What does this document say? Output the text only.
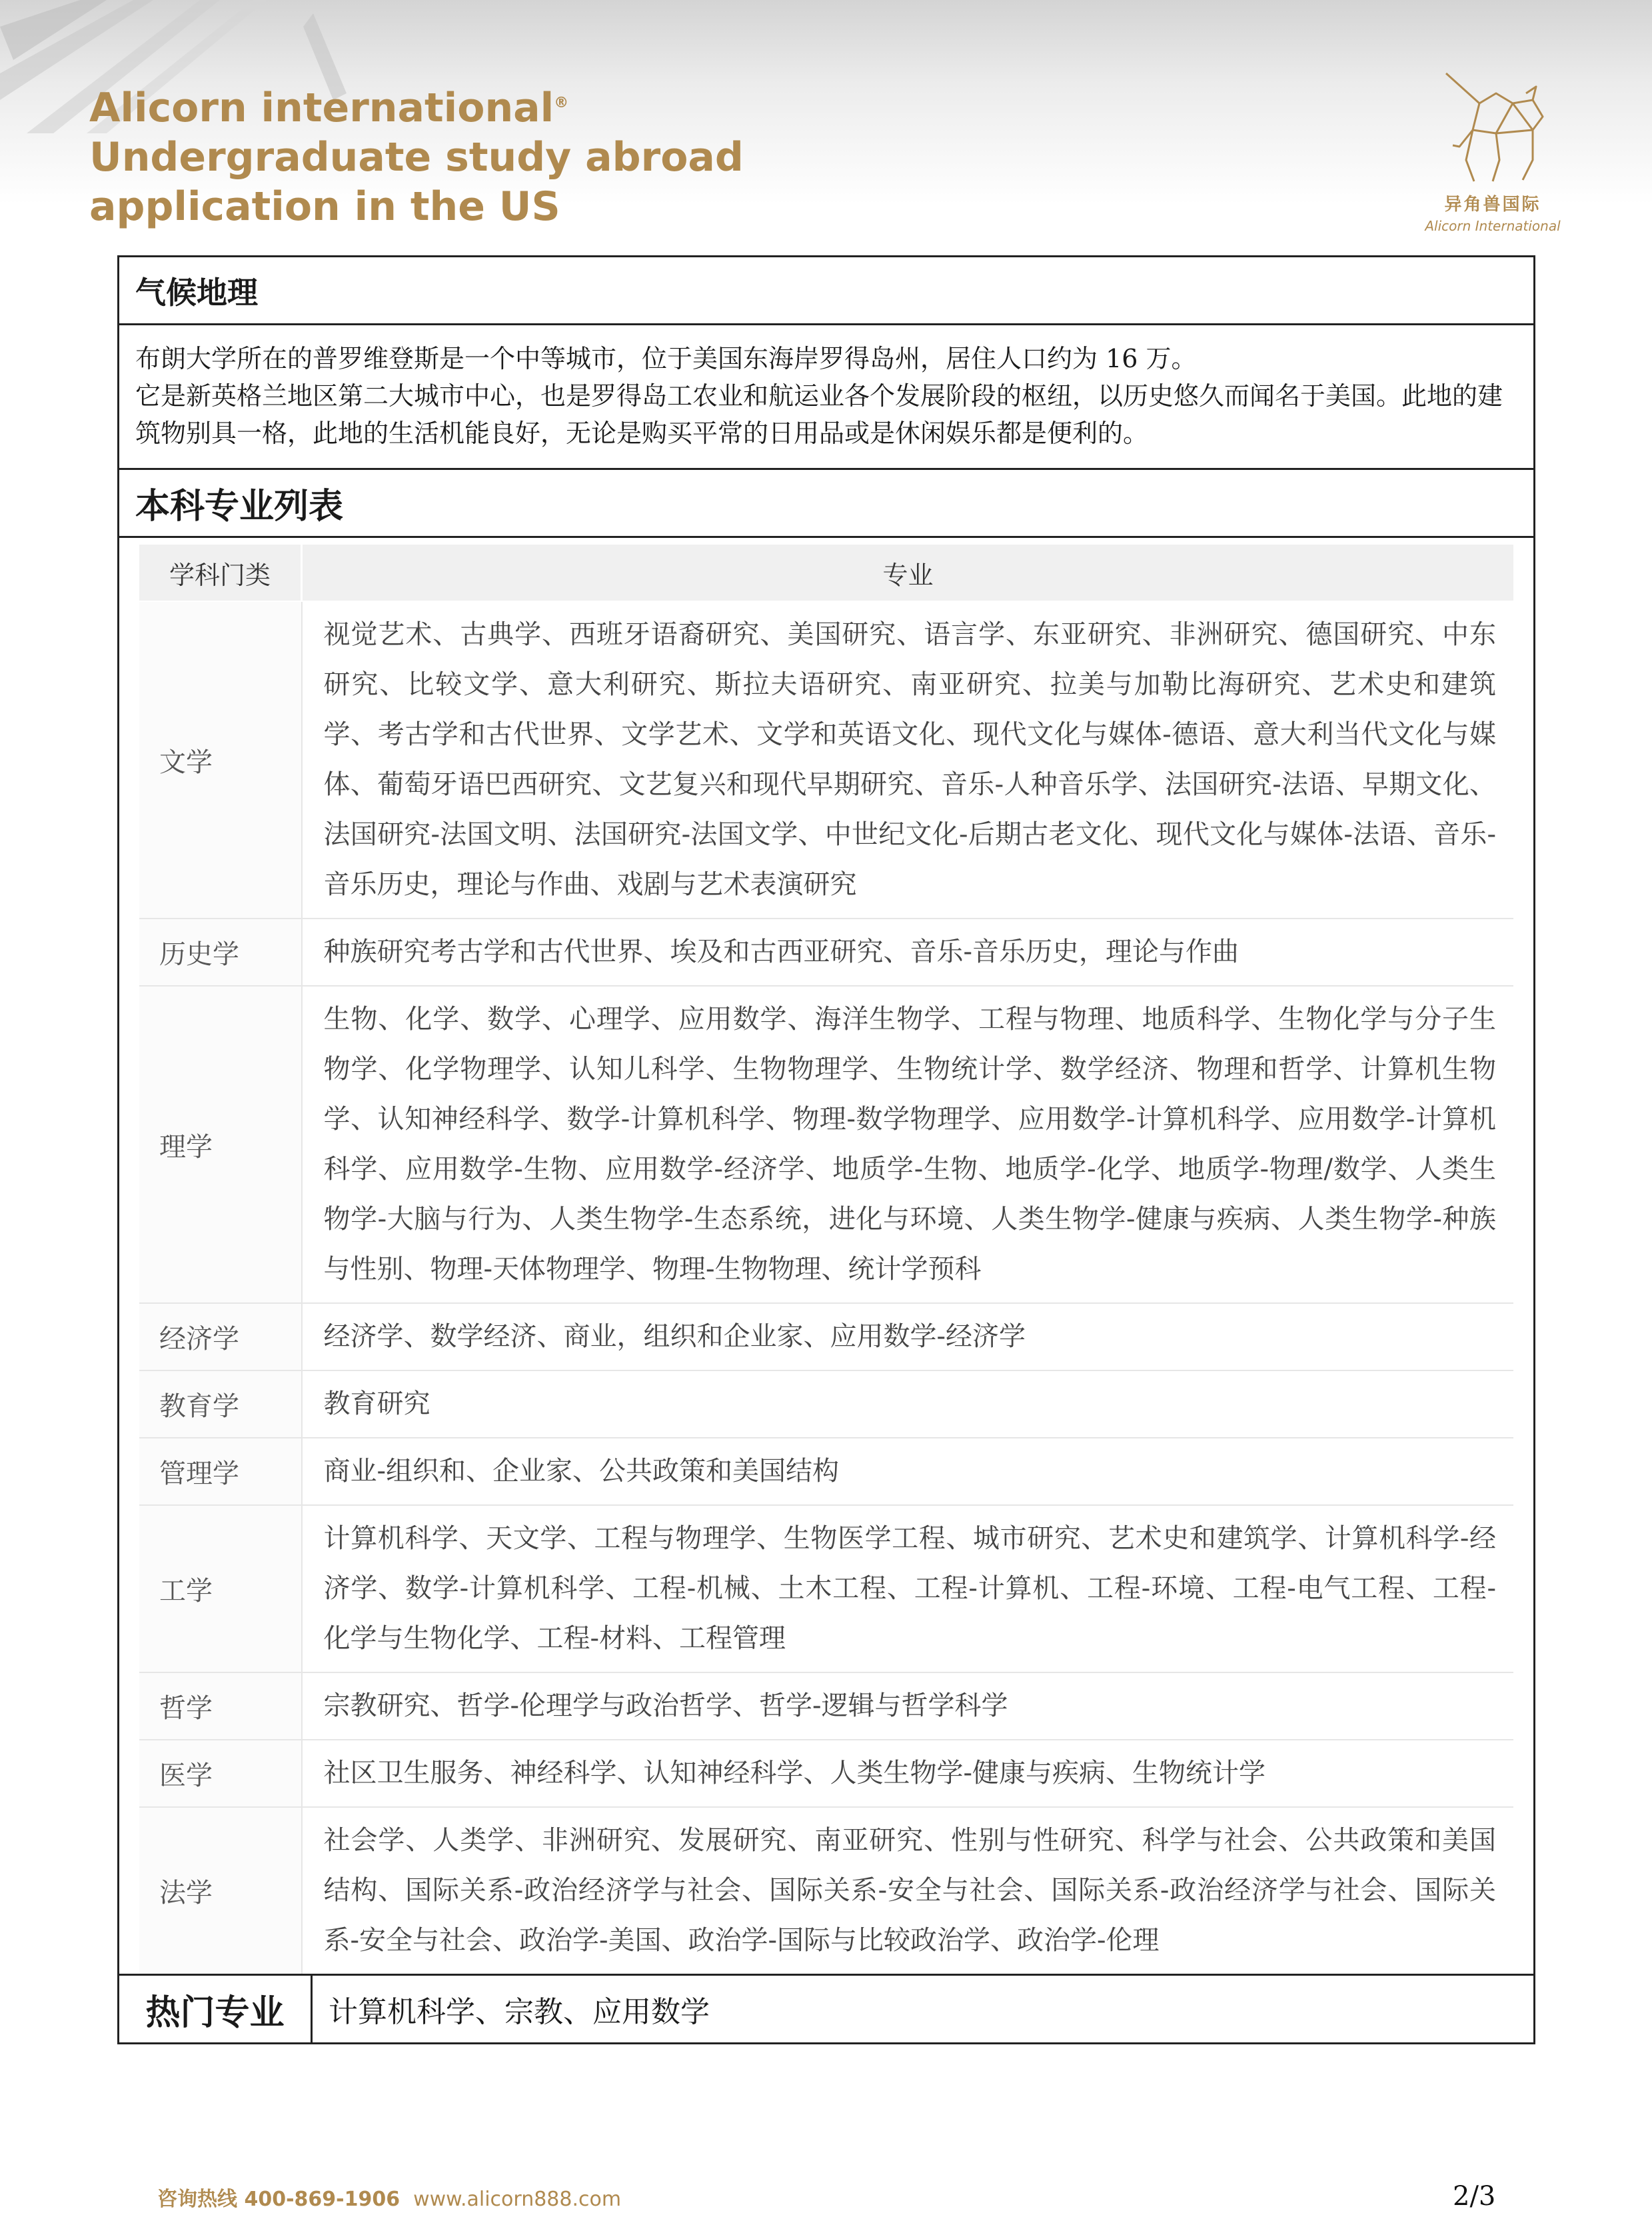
Alicorn international®
Undergraduate study abroad
application in the US	异角兽国际
Alicorn International
气候地理

布朗大学所在的普罗维登斯是一个中等城市，位于美国东海岸罗得岛州，居住人口约为 16 万。

它是新英格兰地区第二大城市中心，也是罗得岛工农业和航运业各个发展阶段的枢纽，以历史悠久而闻名于美国。此地的建筑物别具一格，此地的生活机能良好，无论是购买平常的日用品或是休闲娱乐都是便利的。

本科专业列表
学科门类	专业
文学	视觉艺术、古典学、西班牙语裔研究、美国研究、语言学、东亚研究、非洲研究、德国研究、中东研究、比较文学、意大利研究、斯拉夫语研究、南亚研究、拉美与加勒比海研究、艺术史和建筑学、考古学和古代世界、文学艺术、文学和英语文化、现代文化与媒体-德语、意大利当代文化与媒体、葡萄牙语巴西研究、文艺复兴和现代早期研究、音乐-人种音乐学、法国研究-法语、早期文化、法国研究-法国文明、法国研究-法国文学、中世纪文化-后期古老文化、现代文化与媒体-法语、音乐-音乐历史，理论与作曲、戏剧与艺术表演研究
历史学	种族研究考古学和古代世界、埃及和古西亚研究、音乐-音乐历史，理论与作曲
理学	生物、化学、数学、心理学、应用数学、海洋生物学、工程与物理、地质科学、生物化学与分子生物学、化学物理学、认知儿科学、生物物理学、生物统计学、数学经济、物理和哲学、计算机生物学、认知神经科学、数学-计算机科学、物理-数学物理学、应用数学-计算机科学、应用数学-计算机科学、应用数学-生物、应用数学-经济学、地质学-生物、地质学-化学、地质学-物理/数学、人类生物学-大脑与行为、人类生物学-生态系统，进化与环境、人类生物学-健康与疾病、人类生物学-种族与性别、物理-天体物理学、物理-生物物理、统计学预科
经济学	经济学、数学经济、商业，组织和企业家、应用数学-经济学
教育学	教育研究
管理学	商业-组织和、企业家、公共政策和美国结构
工学	计算机科学、天文学、工程与物理学、生物医学工程、城市研究、艺术史和建筑学、计算机科学-经济学、数学-计算机科学、工程-机械、土木工程、工程-计算机、工程-环境、工程-电气工程、工程-化学与生物化学、工程-材料、工程管理
哲学	宗教研究、哲学-伦理学与政治哲学、哲学-逻辑与哲学科学
医学	社区卫生服务、神经科学、认知神经科学、人类生物学-健康与疾病、生物统计学
法学	社会学、人类学、非洲研究、发展研究、南亚研究、性别与性研究、科学与社会、公共政策和美国结构、国际关系-政治经济学与社会、国际关系-安全与社会、国际关系-政治经济学与社会、国际关系-安全与社会、政治学-美国、政治学-国际与比较政治学、政治学-伦理
热门专业	计算机科学、宗教、应用数学
咨询热线 400-869-1906 www.alicorn888.com	2/3
